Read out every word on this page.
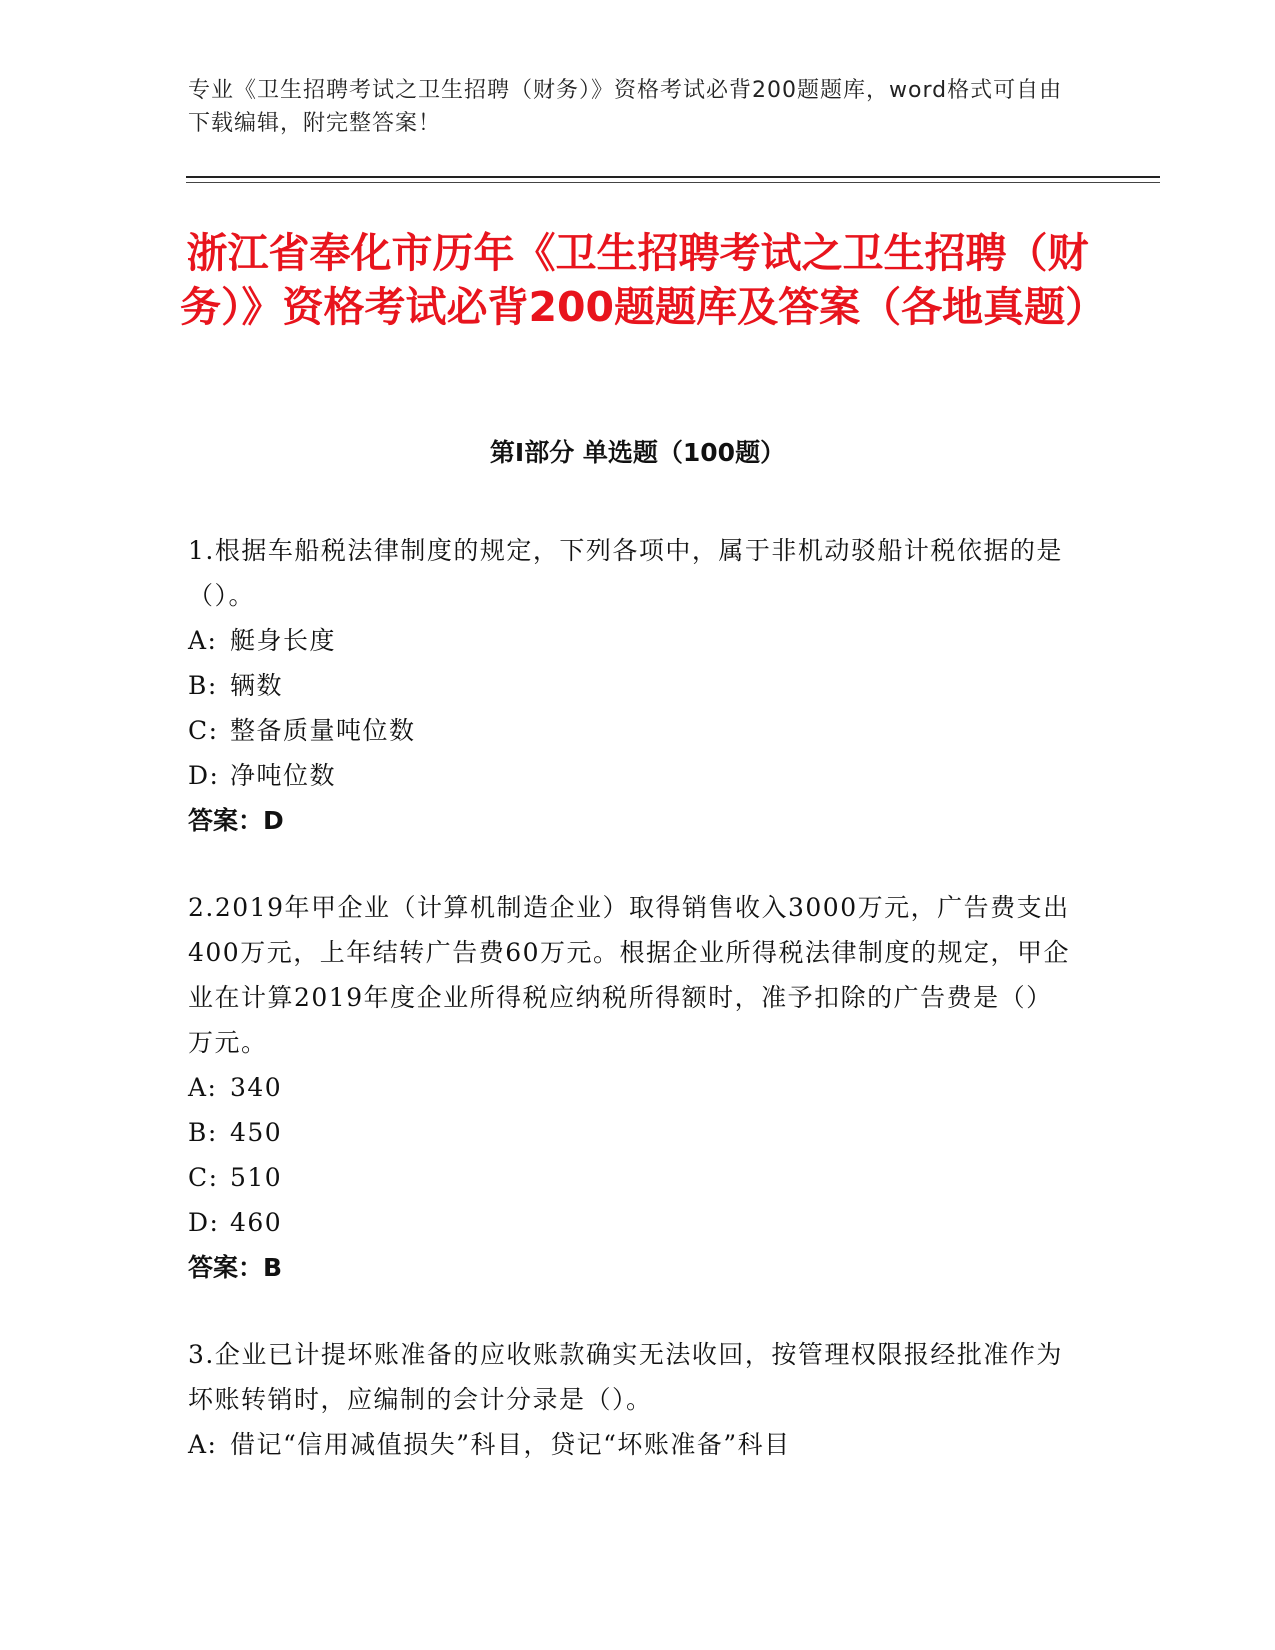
专业《卫生招聘考试之卫生招聘（财务）》资格考试必背200题题库，word格式可自由下载编辑，附完整答案！

浙江省奉化市历年《卫生招聘考试之卫生招聘（财务）》资格考试必背200题题库及答案（各地真题）
第Ⅰ部分 单选题（100题）

1.根据车船税法律制度的规定，下列各项中，属于非机动驳船计税依据的是（）。

A: 艇身长度

B: 辆数

C: 整备质量吨位数

D: 净吨位数

答案：D

2.2019年甲企业（计算机制造企业）取得销售收入3000万元，广告费支出400万元，上年结转广告费60万元。根据企业所得税法律制度的规定，甲企业在计算2019年度企业所得税应纳税所得额时，准予扣除的广告费是（）万元。

A: 340

B: 450

C: 510

D: 460

答案：B

3.企业已计提坏账准备的应收账款确实无法收回，按管理权限报经批准作为坏账转销时，应编制的会计分录是（）。

A: 借记“信用减值损失”科目，贷记“坏账准备”科目
